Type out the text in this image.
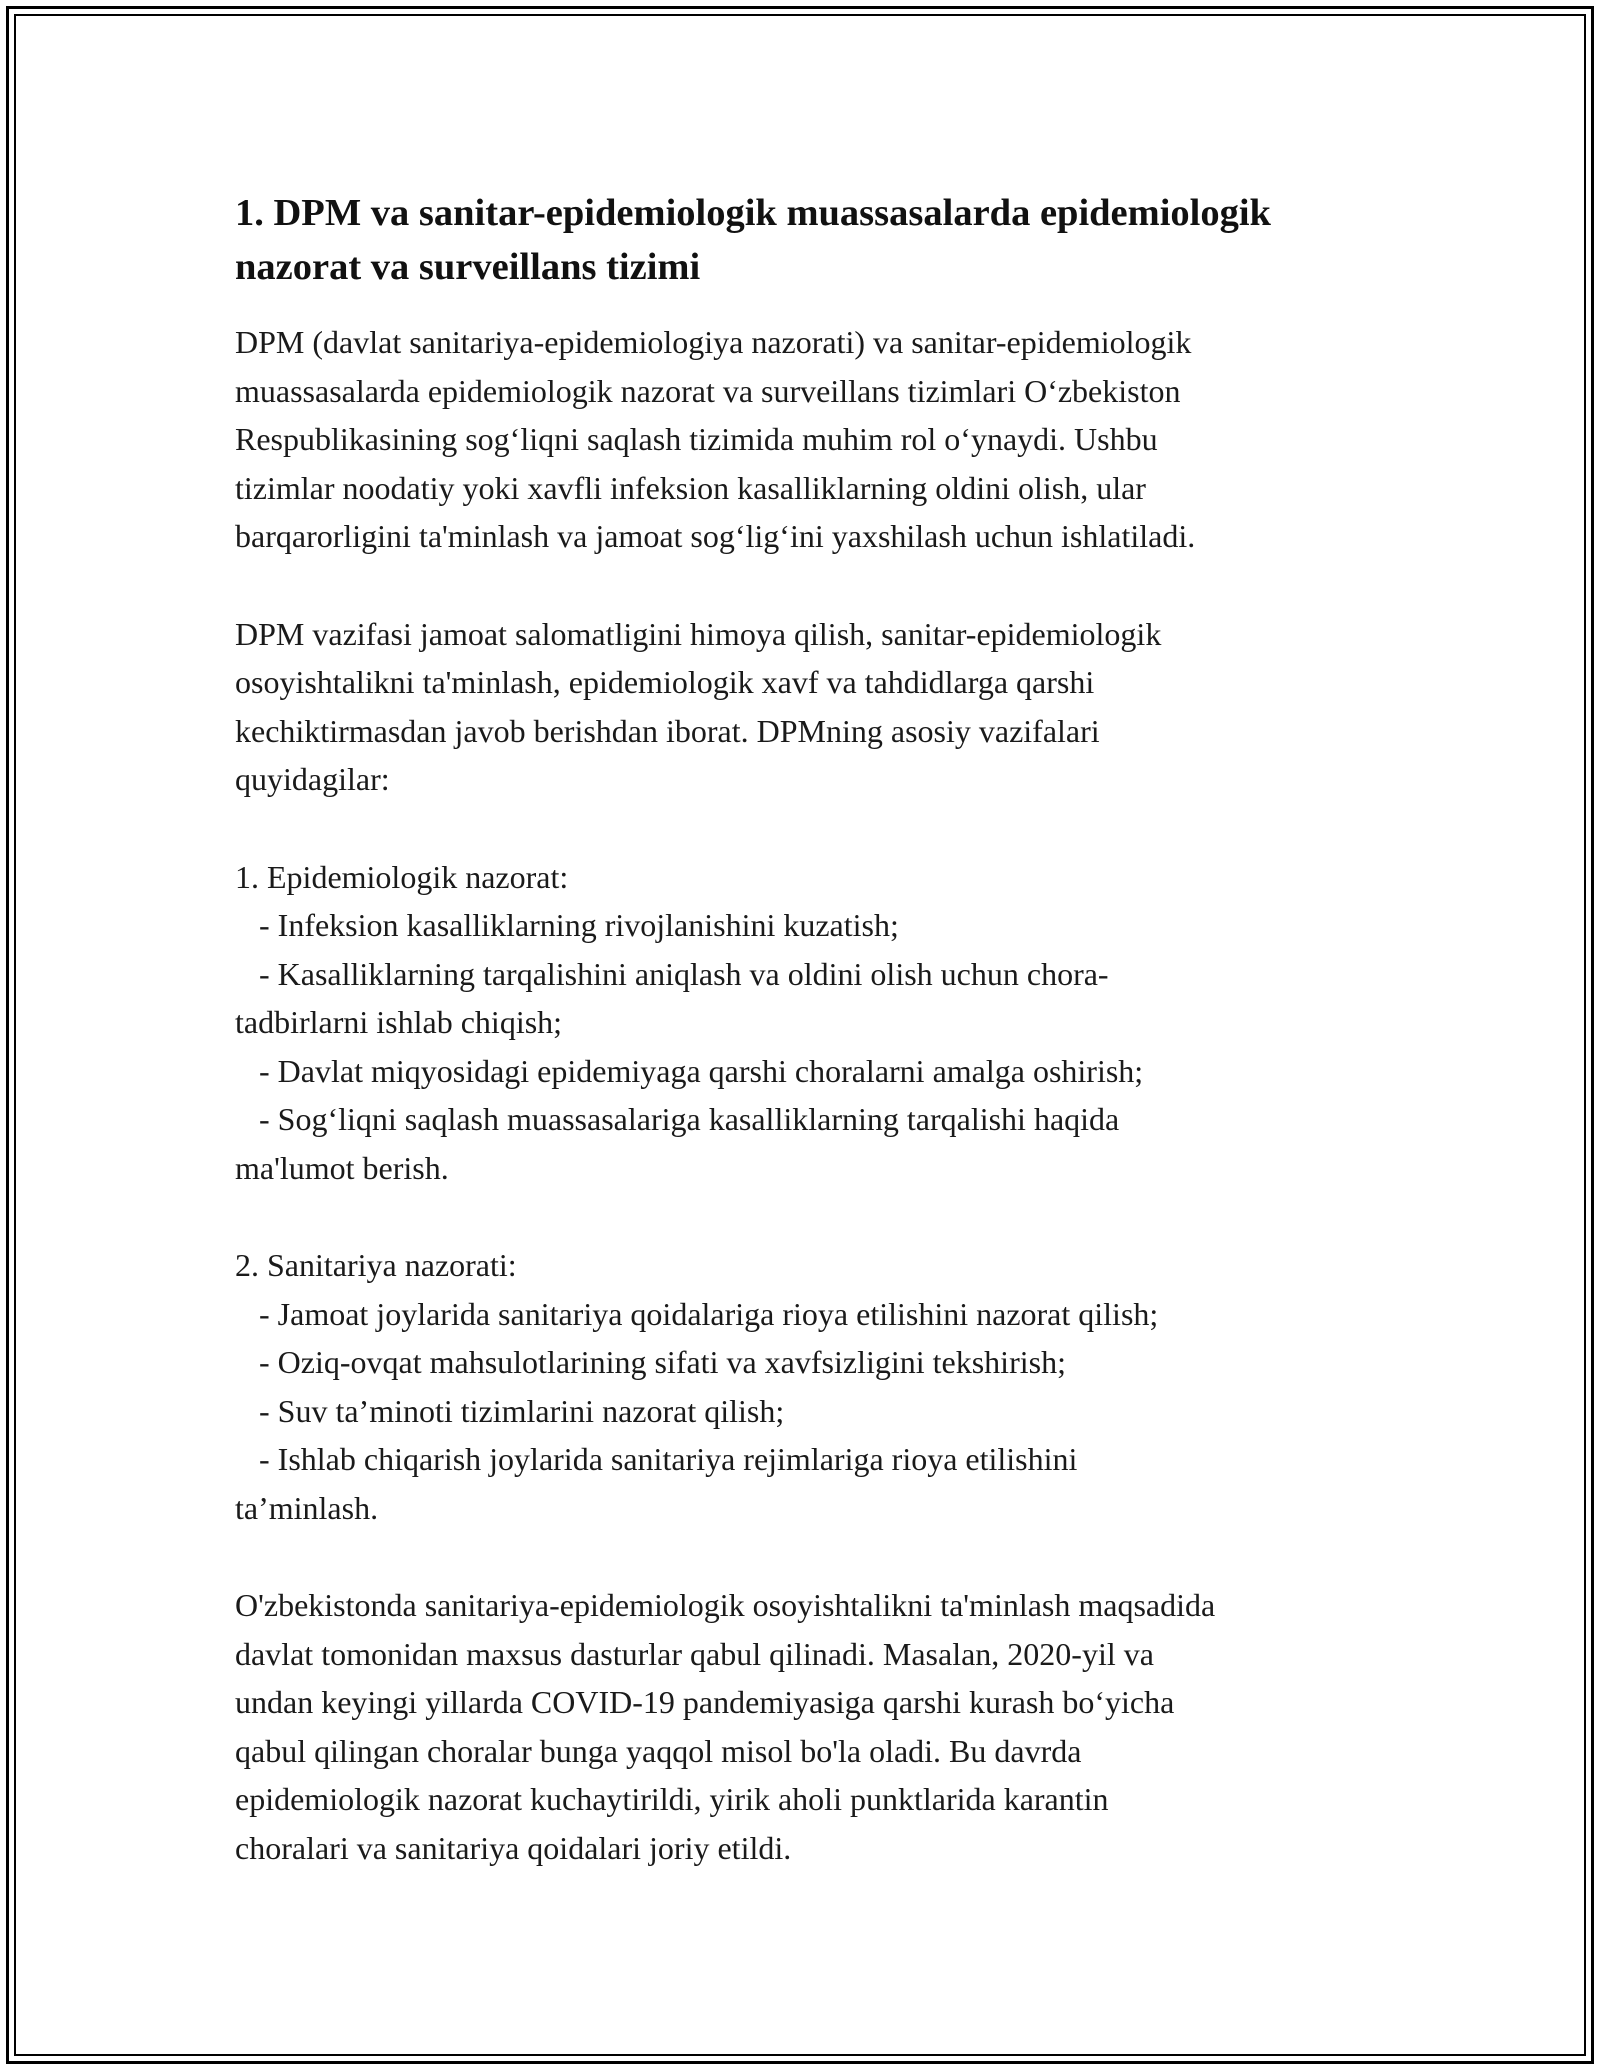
1. DPM va sanitar-epidemiologik muassasalarda epidemiologik
nazorat va surveillans tizimi

DPM (davlat sanitariya-epidemiologiya nazorati) va sanitar-epidemiologik
muassasalarda epidemiologik nazorat va surveillans tizimlari O‘zbekiston
Respublikasining sog‘liqni saqlash tizimida muhim rol o‘ynaydi. Ushbu
tizimlar noodatiy yoki xavfli infeksion kasalliklarning oldini olish, ular
barqarorligini ta'minlash va jamoat sog‘lig‘ini yaxshilash uchun ishlatiladi.

DPM vazifasi jamoat salomatligini himoya qilish, sanitar-epidemiologik
osoyishtalikni ta'minlash, epidemiologik xavf va tahdidlarga qarshi
kechiktirmasdan javob berishdan iborat. DPMning asosiy vazifalari
quyidagilar:

1. Epidemiologik nazorat:
- Infeksion kasalliklarning rivojlanishini kuzatish;
- Kasalliklarning tarqalishini aniqlash va oldini olish uchun chora-
tadbirlarni ishlab chiqish;
- Davlat miqyosidagi epidemiyaga qarshi choralarni amalga oshirish;
- Sog‘liqni saqlash muassasalariga kasalliklarning tarqalishi haqida
ma'lumot berish.

2. Sanitariya nazorati:
- Jamoat joylarida sanitariya qoidalariga rioya etilishini nazorat qilish;
- Oziq-ovqat mahsulotlarining sifati va xavfsizligini tekshirish;
- Suv ta’minoti tizimlarini nazorat qilish;
- Ishlab chiqarish joylarida sanitariya rejimlariga rioya etilishini
ta’minlash.

O'zbekistonda sanitariya-epidemiologik osoyishtalikni ta'minlash maqsadida
davlat tomonidan maxsus dasturlar qabul qilinadi. Masalan, 2020-yil va
undan keyingi yillarda COVID-19 pandemiyasiga qarshi kurash bo‘yicha
qabul qilingan choralar bunga yaqqol misol bo'la oladi. Bu davrda
epidemiologik nazorat kuchaytirildi, yirik aholi punktlarida karantin
choralari va sanitariya qoidalari joriy etildi.
